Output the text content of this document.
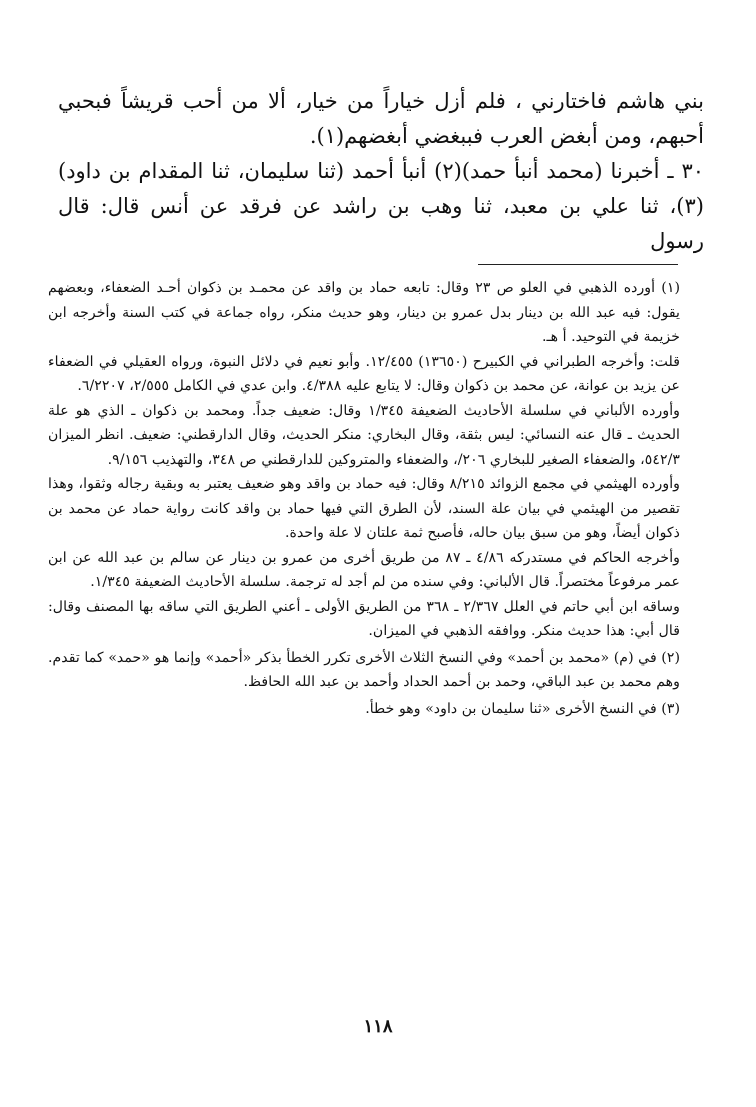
بني هاشم فاختارني ، فلم أزل خياراً من خيار، ألا من أحب قريشاً فبحبي أحبهم، ومن أبغض العرب فببغضي أبغضهم(١).

٣٠ ـ أخبرنا (محمد أنبأ حمد)(٢) أنبأ أحمد (ثنا سليمان، ثنا المقدام بن داود)(٣)، ثنا علي بن معبد، ثنا وهب بن راشد عن فرقد عن أنس قال: قال رسول

(١) أورده الذهبي في العلو ص ٢٣ وقال: تابعه حماد بن واقد عن محمـد بن ذكوان أحـد الضعفاء، وبعضهم يقول: فيه عبد الله بن دينار بدل عمرو بن دينار، وهو حديث منكر، رواه جماعة في كتب السنة وأخرجه ابن خزيمة في التوحيد. أ هـ.

قلت: وأخرجه الطبراني في الكبيرح (١٣٦٥٠) ١٢/٤٥٥. وأبو نعيم في دلائل النبوة، ورواه العقيلي في الضعفاء عن يزيد بن عوانة، عن محمد بن ذكوان وقال: لا يتابع عليه ٤/٣٨٨. وابن عدي في الكامل ٢/٥٥٥، ٦/٢٢٠٧.

وأورده الألباني في سلسلة الأحاديث الضعيفة ١/٣٤٥ وقال: ضعيف جداً. ومحمد بن ذكوان ـ الذي هو علة الحديث ـ قال عنه النسائي: ليس بثقة، وقال البخاري: منكر الحديث، وقال الدارقطني: ضعيف. انظر الميزان ٥٤٢/٣، والضعفاء الصغير للبخاري ٢٠٦/، والضعفاء والمتروكين للدارقطني ص ٣٤٨، والتهذيب ٩/١٥٦.

وأورده الهيثمي في مجمع الزوائد ٨/٢١٥ وقال: فيه حماد بن واقد وهو ضعيف يعتبر به وبقية رجاله وثقوا، وهذا تقصير من الهيثمي في بيان علة السند، لأن الطرق التي فيها حماد بن واقد كانت رواية حماد عن محمد بن ذكوان أيضاً، وهو من سبق بيان حاله، فأصبح ثمة علتان لا علة واحدة.

وأخرجه الحاكم في مستدركه ٤/٨٦ ـ ٨٧ من طريق أخرى من عمرو بن دينار عن سالم بن عبد الله عن ابن عمر مرفوعاً مختصراً. قال الألباني: وفي سنده من لم أجد له ترجمة. سلسلة الأحاديث الضعيفة ١/٣٤٥.

وساقه ابن أبي حاتم في العلل ٢/٣٦٧ ـ ٣٦٨ من الطريق الأولى ـ أعني الطريق التي ساقه بها المصنف وقال: قال أبي: هذا حديث منكر. ووافقه الذهبي في الميزان.

(٢) في (م) «محمد بن أحمد» وفي النسخ الثلاث الأخرى تكرر الخطأ بذكر «أحمد» وإنما هو «حمد» كما تقدم. وهم محمد بن عبد الباقي، وحمد بن أحمد الحداد وأحمد بن عبد الله الحافظ.

(٣) في النسخ الأخرى «ثنا سليمان بن داود» وهو خطأ.

١١٨
